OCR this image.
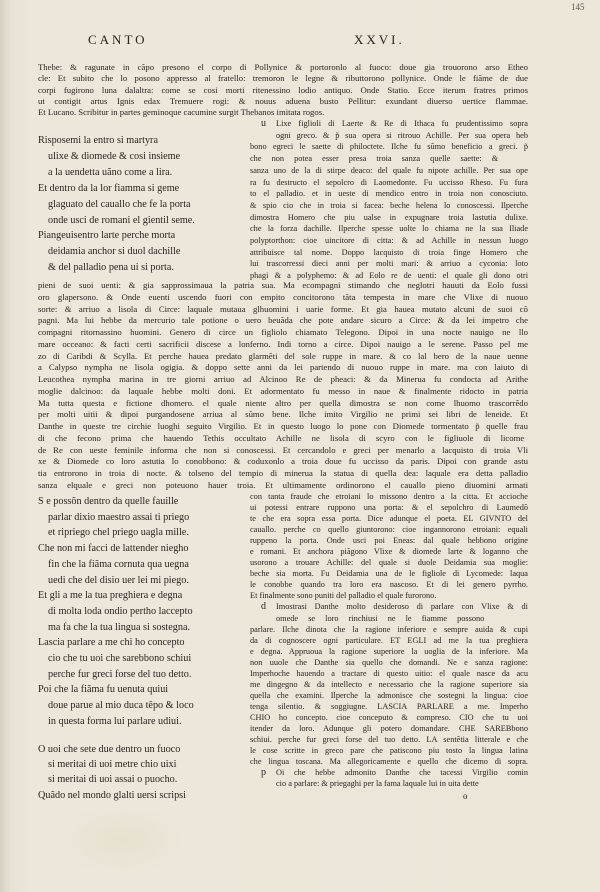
145
CANTO	XXVI.
Thebe: & ragunate in cãpo presono el corpo di Pollynice & portoronlo al fuoco: doue gia trouorono arso Etheo
cle: Et subito che lo posono appresso al fratello: tremoron le legne & ributtorono pollynice. Onde le fiãme de due
corpi fugirono luna dalaltra: come se cosi morti ritenessino lodio antiquo. Onde Statio. Ecce iterum fratres primos
ut contigit artus Ignis edax Tremuere rogi: & nouus aduena busto Pellitur: exundant diuerso uertice flammae.
Et Lucano. Scribitur in partes geminoque cacumine surgit Thebanos imitata rogos.
Risposemi la entro si martyra
ulixe & diomede & cosi insieme
a la uendetta uãno come a lira.
Et dentro da la lor fiamma si geme
glaguato del cauallo che fe la porta
onde usci de romani el gientil seme.
Piangeuisentro larte perche morta
deidamia anchor si duol dachille
& del palladio pena ui si porta.
u Lixe figlioli di Laerte & Re di Ithaca fu prudentissimo sopra
ogni greco. & p̃ sua opera si ritrouo Achille. Per sua opera heb
bono egreci le saette di philoctete. Ilche fu sũmo beneficio a greci. p̃
che non potea esser presa troia sanza quelle saette: &
sanza uno de la di stirpe deaco: del quale fu nipote achille. Per sua ope
ra fu destructo el sepolcro di Laomedonte. Fu uccisso Rheso. Fu fura
to el palladio. et in ueste di mendico entro in troia non conosciuto.
& spio cio che in troia si facea: beche helena lo conoscessi. Ilperche
dimostra Homero che piu ualse in expugnare troia lastutia dulixe.
che la forza dachille. Ilperche spesse uolte lo chiama ne la sua Iliade
polyptorthon: cioe uincitore di citta: & ad Achille in nessun luogo
attribuisce tal nome. Doppo lacquisto di troia finge Homero che
lui trascorressi dieci anni per molti mari: & arriuo a cyconia: loto
phagi & a polyphemo: & ad Eolo re de uenti: el quale gli dono otri
pieni de suoi uenti: & gia sapprossimaua la patria sua. Ma ecompagni stimando che neglotri hauuti da Eolo fussi
oro glapersono. & Onde euenti uscendo fuori con empito concitorono tãta tempesta in mare che Vlixe di nuouo
sorte: & arriuo a lisola di Circe: laquale mutaua glhuomini i uarie forme. Et gia hauea mutato alcuni de suoi cõ
pagni. Ma lui hebbe da mercurio tale potione o uero beuãda che pote andare sicuro a Circe: & da lei impetro che
compagni ritornassino huomini. Genero di circe un figliolo chiamato Telegono. Dipoi in una nocte nauigo ne llo
mare occeano: & facti certi sacrificii discese a lonferno. Indi torno a circe. Dipoi nauigo a le serene. Passo pel me
zo di Caribdi & Scylla. Et perche hauea predato glarmẽti del sole ruppe in mare. & co lal bero de la naue uenne
a Calypso nympha ne lisola ogigia. & doppo sette anni da lei partendo di nuouo ruppe in mare. ma con laiuto di
Leucothea nympha marina in tre giorni arriuo ad Alcinoo Re de pheaci: & da Minerua fu condocta ad Arithe
moglie dalcinoo: da laquale hebbe molti doni. Et adormentato fu messo in naue & finalmente ridocto in patria
Ma tutta questa e fictione dhomero. el quale niente altro per quella dimostra se non come lhuomo trascorrẽdo
per molti uitii & dipoi purgandosene arriua al sũmo bene. Ilche imito Virgilio ne primi sei libri de leneide. Et
Danthe in queste tre circhie luoghi seguito Virgilio. Et in questo luogo lo pone con Diomede tormentato p̃ quelle frau
di che fecono prima che hauendo Tethis occultato Achille ne lisola di scyro con le figliuole di licome
de Re con ueste feminile informa che non si conoscessi. Et cercandolo e greci per menarlo a lacquisto di troia Vli
xe & Diomede co loro astutia lo conobbono: & coduxonlo a troia doue fu uccisso da paris. Dipoi con grande astu
tia entrorono in troia di nocte. & tolseno del tempio di minerua la statua di quella dea: laquale era detta palladio
sanza elquale e greci non poteuono hauer troia. Et ultimamente ordinorono el cauallo pieno diuomini armati
S e possõn dentro da quelle fauille
parlar dixio maestro assai ti priego
et ripriego chel priego uagla mille.
Che non mi facci de lattender niegho
fin che la fiãma cornuta qua uegna
uedi che del disio uer lei mi piego.
Et gli a me la tua preghiera e degna
di molta loda ondio pertho laccepto
ma fa che la tua lingua si sostegna.
Lascia parlare a me chi ho concepto
cio che tu uoi che sarebbono schiui
perche fur greci forse del tuo detto.
Poi che la fiãma fu uenuta quiui
doue parue al mio duca tẽpo & loco
in questa forma lui parlare udiui.
con tanta fraude che etroiani lo missono dentro a la citta. Et accioche
ui potessi entrare ruppono una porta: & el sepolchro di Laumedõ
te che era sopra essa porta. Dice adunque el poeta. EL GIVNTO del
cauallo. perche co quello giuntorono: cioe ingannorono etroiani: equali
ruppeno la porta. Onde usci poi Eneas: dal quale hebbono origine
e romani. Et anchora piãgono Vlixe & diomede larte & loganno che
usorono a trouare Achille: del quale si duole Deidamia sua moglie:
beche sia morta. Fu Deidamia una de le figliole di Lycomede: laqua
le conobbe quando tra loro era nascoso. Et di lei genero pyrrho.
Et finalmente sono puniti del palladio el quale furorono.
d Imostrasi Danthe molto desideroso di parlare con Vlixe & di
omede se loro rinchiusi ne le fiamme possono
parlare. Ilche dinota che la ragione inferiore e sempre auida & cupi
da di cognoscere ogni particulare. ET EGLI ad me la tua preghiera
e degna. Appruoua la ragione superiore la uoglia de la inferiore. Ma
non uuole che Danthe sia quello che domandi. Ne e sanza ragione:
Imperhoche hauendo a tractare di questo uitio: el quale nasce da acu
me dingegno & da intellecto e necessario che la ragione superiore sia
quella che examini. Ilperche la admonisce che sostegni la lingua: cioe
tenga silentio. & soggiugne. LASCIA PARLARE a me. Imperho
CHIO ho concepto. cioe conceputo & compreso. CIO che tu uoi
itender da loro. Adunque gli potero domandare. CHE SAREBbono
schiui. perche fur greci forse del tuo detto. LA sentẽtia litterale e che
le cose scritte in greco pare che patiscono piu tosto la lingua latina
che lingua toscana. Ma allegoricamente e quello che dicemo di sopra.
p Oi che hebbe admonito Danthe che tacessi Virgilio comin
cio a parlare: & priegaghi per la fama laquale lui in uita dette
O uoi che sete due dentro un fuoco
si meritai di uoi metre chio uixi
si meritai di uoi assai o puocho.
Quãdo nel mondo glalti uersi scripsi	o
